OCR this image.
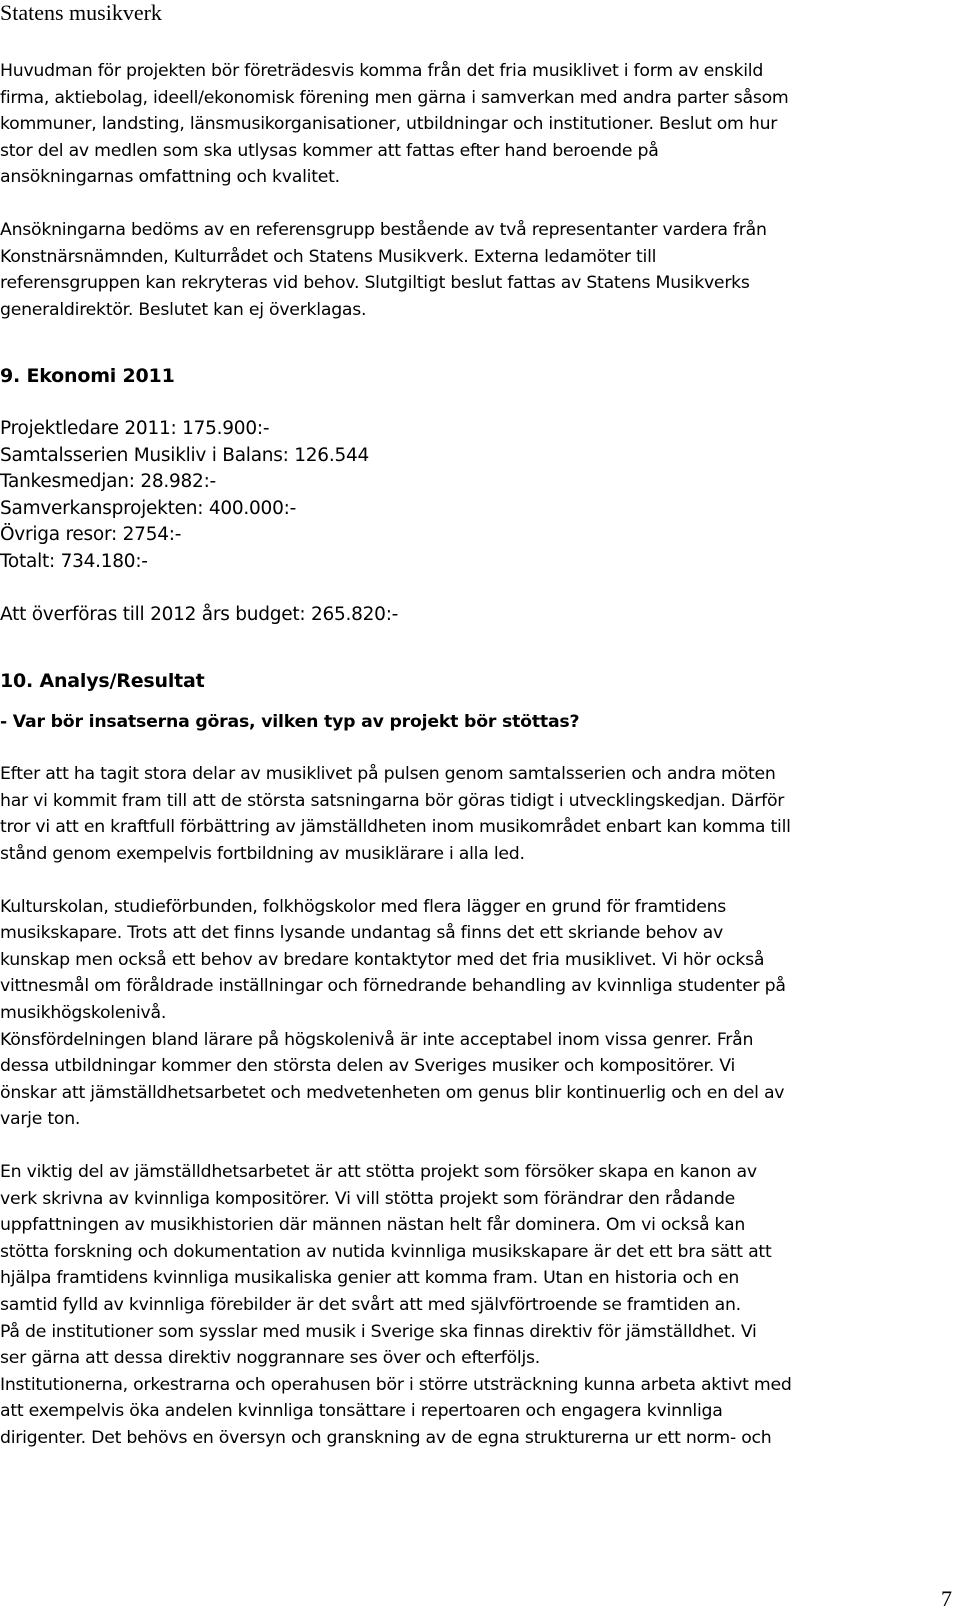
Statens musikverk

Huvudman för projekten bör företrädesvis komma från det fria musiklivet i form av enskild
firma, aktiebolag, ideell/ekonomisk förening men gärna i samverkan med andra parter såsom
kommuner, landsting, länsmusikorganisationer, utbildningar och institutioner. Beslut om hur
stor del av medlen som ska utlysas kommer att fattas efter hand beroende på
ansökningarnas omfattning och kvalitet.

Ansökningarna bedöms av en referensgrupp bestående av två representanter vardera från
Konstnärsnämnden, Kulturrådet och Statens Musikverk. Externa ledamöter till
referensgruppen kan rekryteras vid behov. Slutgiltigt beslut fattas av Statens Musikverks
generaldirektör. Beslutet kan ej överklagas.

9. Ekonomi 2011

Projektledare 2011: 175.900:-
Samtalsserien Musikliv i Balans: 126.544
Tankesmedjan: 28.982:-
Samverkansprojekten: 400.000:-
Övriga resor: 2754:-
Totalt: 734.180:-

Att överföras till 2012 års budget: 265.820:-

10. Analys/Resultat

- Var bör insatserna göras, vilken typ av projekt bör stöttas?

Efter att ha tagit stora delar av musiklivet på pulsen genom samtalsserien och andra möten
har vi kommit fram till att de största satsningarna bör göras tidigt i utvecklingskedjan. Därför
tror vi att en kraftfull förbättring av jämställdheten inom musikområdet enbart kan komma till
stånd genom exempelvis fortbildning av musiklärare i alla led.

Kulturskolan, studieförbunden, folkhögskolor med flera lägger en grund för framtidens
musikskapare. Trots att det finns lysande undantag så finns det ett skriande behov av
kunskap men också ett behov av bredare kontaktytor med det fria musiklivet. Vi hör också
vittnesmål om föråldrade inställningar och förnedrande behandling av kvinnliga studenter på
musikhögskolenivå.

Könsfördelningen bland lärare på högskolenivå är inte acceptabel inom vissa genrer. Från
dessa utbildningar kommer den största delen av Sveriges musiker och kompositörer. Vi
önskar att jämställdhetsarbetet och medvetenheten om genus blir kontinuerlig och en del av
varje ton.

En viktig del av jämställdhetsarbetet är att stötta projekt som försöker skapa en kanon av
verk skrivna av kvinnliga kompositörer. Vi vill stötta projekt som förändrar den rådande
uppfattningen av musikhistorien där männen nästan helt får dominera. Om vi också kan
stötta forskning och dokumentation av nutida kvinnliga musikskapare är det ett bra sätt att
hjälpa framtidens kvinnliga musikaliska genier att komma fram. Utan en historia och en
samtid fylld av kvinnliga förebilder är det svårt att med självförtroende se framtiden an.

På de institutioner som sysslar med musik i Sverige ska finnas direktiv för jämställdhet. Vi
ser gärna att dessa direktiv noggrannare ses över och efterföljs.

Institutionerna, orkestrarna och operahusen bör i större utsträckning kunna arbeta aktivt med
att exempelvis öka andelen kvinnliga tonsättare i repertoaren och engagera kvinnliga
dirigenter. Det behövs en översyn och granskning av de egna strukturerna ur ett norm- och

7
